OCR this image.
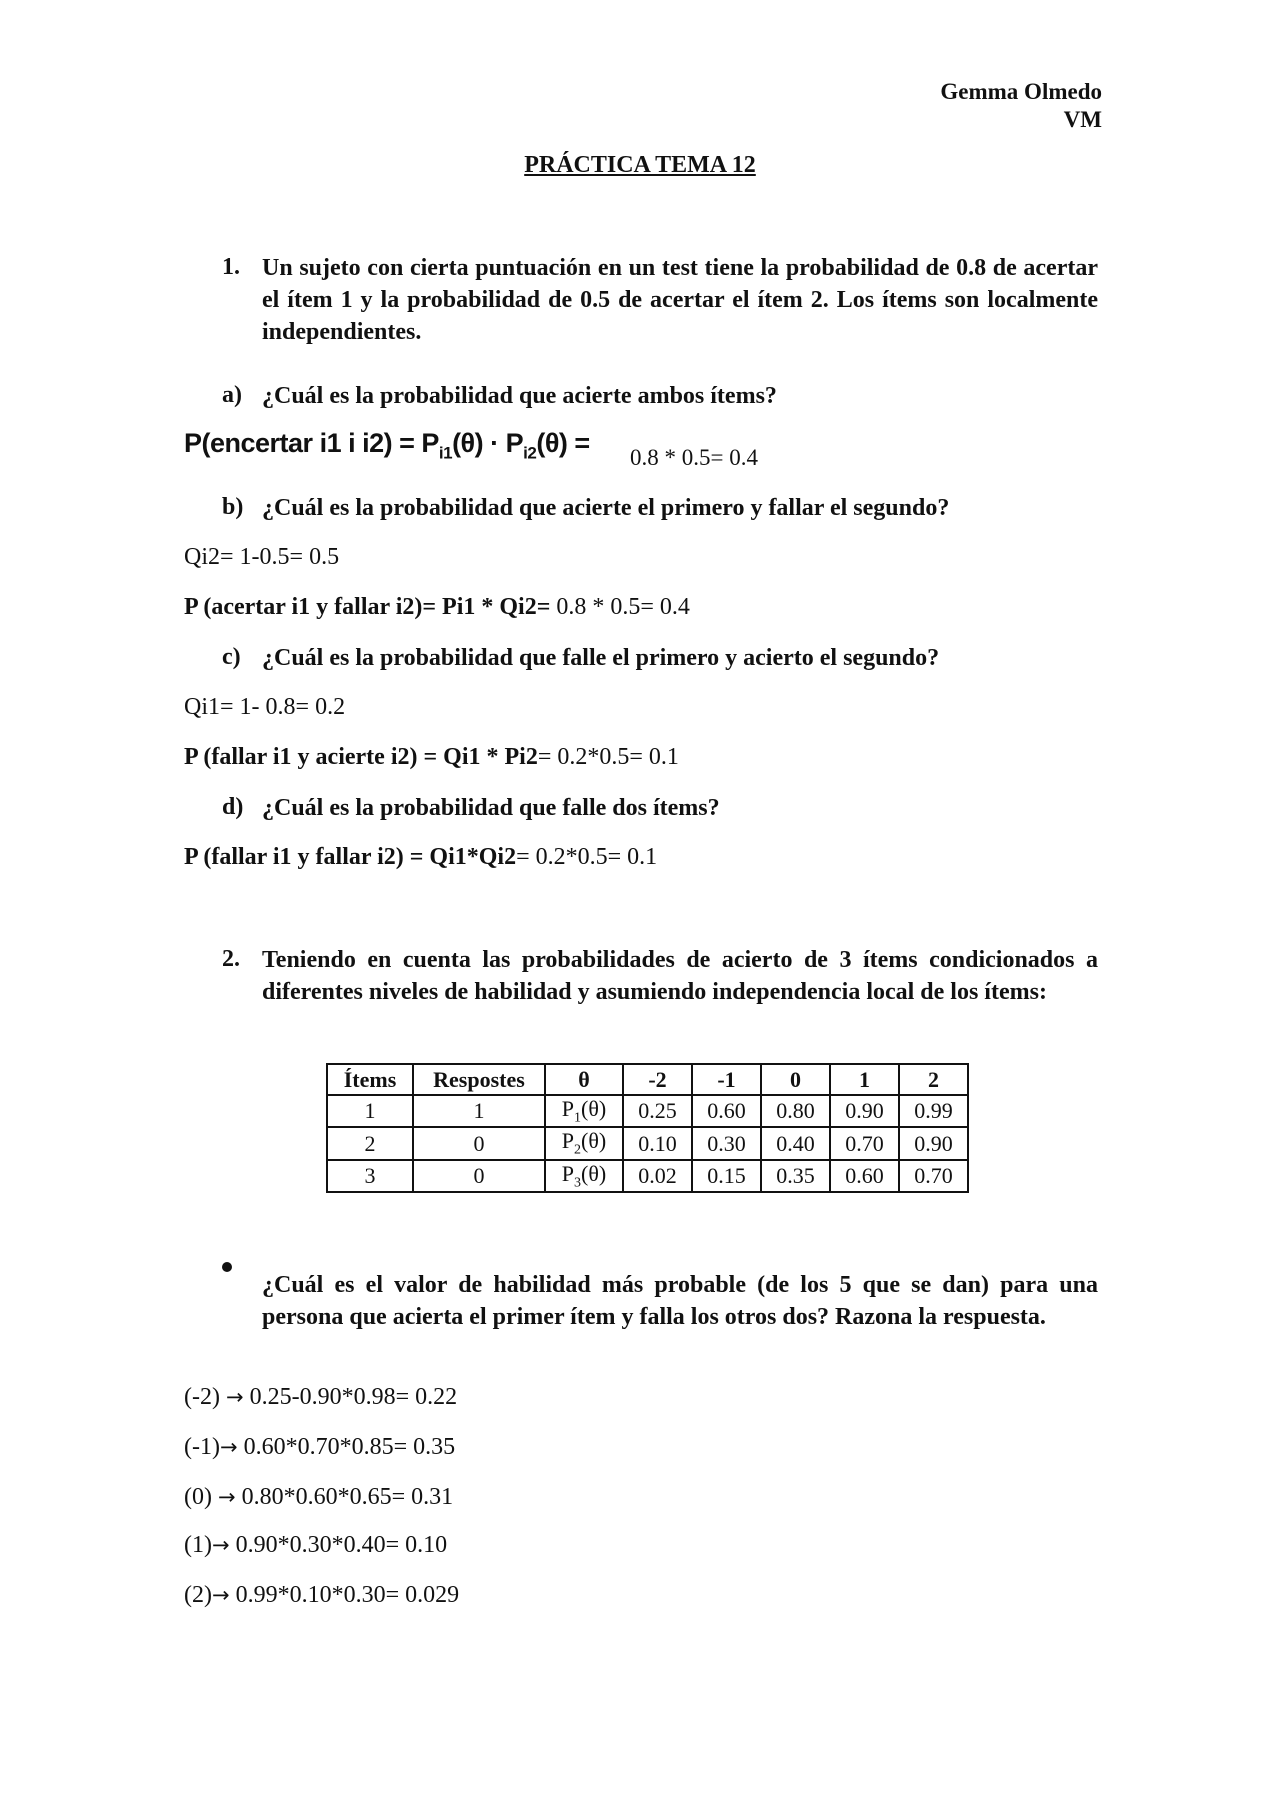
Gemma Olmedo
VM
PRÁCTICA TEMA 12
1. Un sujeto con cierta puntuación en un test tiene la probabilidad de 0.8 de acertar el ítem 1 y la probabilidad de 0.5 de acertar el ítem 2. Los ítems son localmente independientes.
a) ¿Cuál es la probabilidad que acierte ambos ítems?
P(encertar i1 i $i2) = P_{i1}(\theta) \cdot P_{i2}(\theta) = 0.8 * 0.5= 0.4$
b) ¿Cuál es la probabilidad que acierte el primero y fallar el segundo?
Qi2= 1-0.5= 0.5
P (acertar i1 y fallar i2)= Pi1 * Qi2= 0.8 * 0.5= 0.4
c) ¿Cuál es la probabilidad que falle el primero y acierto el segundo?
Qi1= 1- 0.8= 0.2
P (fallar i1 y acierte i2) = Qi1 * Pi2= 0.2*0.5= 0.1
d) ¿Cuál es la probabilidad que falle dos ítems?
P (fallar i1 y fallar i2) = Qi1*Qi2= 0.2*0.5= 0.1
2. Teniendo en cuenta las probabilidades de acierto de 3 ítems condicionados a diferentes niveles de habilidad y asumiendo independencia local de los ítems:
Ítems	Respostes	θ	-2	-1	0	1	2
1	1	$P_1(\theta)$	0.25	0.60	0.80	0.90	0.99
2	0	$P_2(\theta)$	0.10	0.30	0.40	0.70	0.90
3	0	$P_3(\theta)$	0.02	0.15	0.35	0.60	0.70
¿Cuál es el valor de habilidad más probable (de los 5 que se dan) para una persona que acierta el primer ítem y falla los otros dos? Razona la respuesta.
(-2) → 0.25-0.90*0.98= 0.22
(-1)→ 0.60*0.70*0.85= 0.35
(0) → 0.80*0.60*0.65= 0.31
(1)→ 0.90*0.30*0.40= 0.10
(2)→ 0.99*0.10*0.30= 0.029
